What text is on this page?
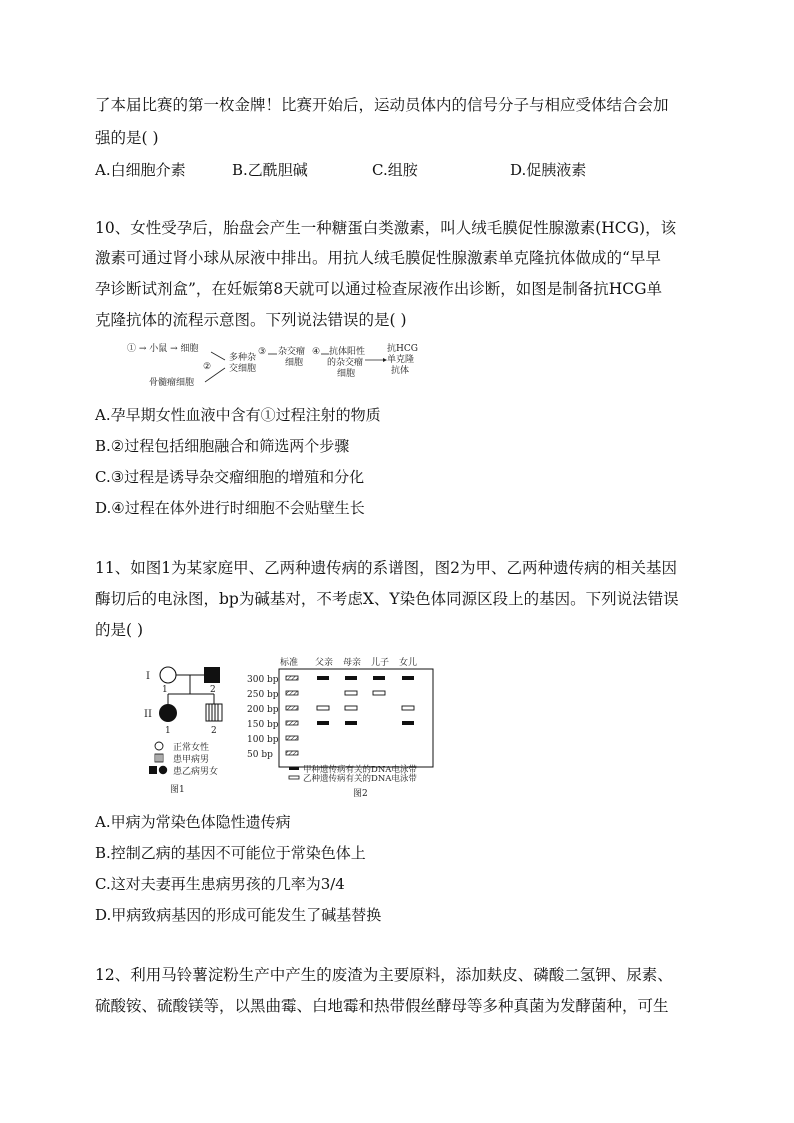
了本届比赛的第一枚金牌！比赛开始后，运动员体内的信号分子与相应受体结合会加
强的是( )
A.白细胞介素	B.乙酰胆碱	C.组胺	D.促胰液素
10、女性受孕后，胎盘会产生一种糖蛋白类激素，叫人绒毛膜促性腺激素(HCG)，该
激素可通过肾小球从尿液中排出。用抗人绒毛膜促性腺激素单克隆抗体做成的“早早
孕诊断试剂盒”，在妊娠第8天就可以通过检查尿液作出诊断，如图是制备抗HCG单
克隆抗体的流程示意图。下列说法错误的是( )
① → 小鼠 → 细胞
②
骨髓瘤细胞
多种杂
交细胞
③ 杂交瘤
细胞
④ 抗体阳性
的杂交瘤
细胞
抗HCG
单克隆
抗体
A.孕早期女性血液中含有①过程注射的物质
B.②过程包括细胞融合和筛选两个步骤
C.③过程是诱导杂交瘤细胞的增殖和分化
D.④过程在体外进行时细胞不会贴壁生长
11、如图1为某家庭甲、乙两种遗传病的系谱图，图2为甲、乙两种遗传病的相关基因
酶切后的电泳图，bp为碱基对，不考虑X、Y染色体同源区段上的基因。下列说法错误
的是( )
I
1	2
II
1	2
正常女性
患甲病男
患乙病男女
图1
标准 父亲 母亲 儿子 女儿
300 bp
250 bp
200 bp
150 bp
100 bp
50 bp
甲种遗传病有关的DNA电泳带
乙种遗传病有关的DNA电泳带
图2
A.甲病为常染色体隐性遗传病
B.控制乙病的基因不可能位于常染色体上
C.这对夫妻再生患病男孩的几率为3/4
D.甲病致病基因的形成可能发生了碱基替换
12、利用马铃薯淀粉生产中产生的废渣为主要原料，添加麸皮、磷酸二氢钾、尿素、
硫酸铵、硫酸镁等，以黑曲霉、白地霉和热带假丝酵母等多种真菌为发酵菌种，可生
